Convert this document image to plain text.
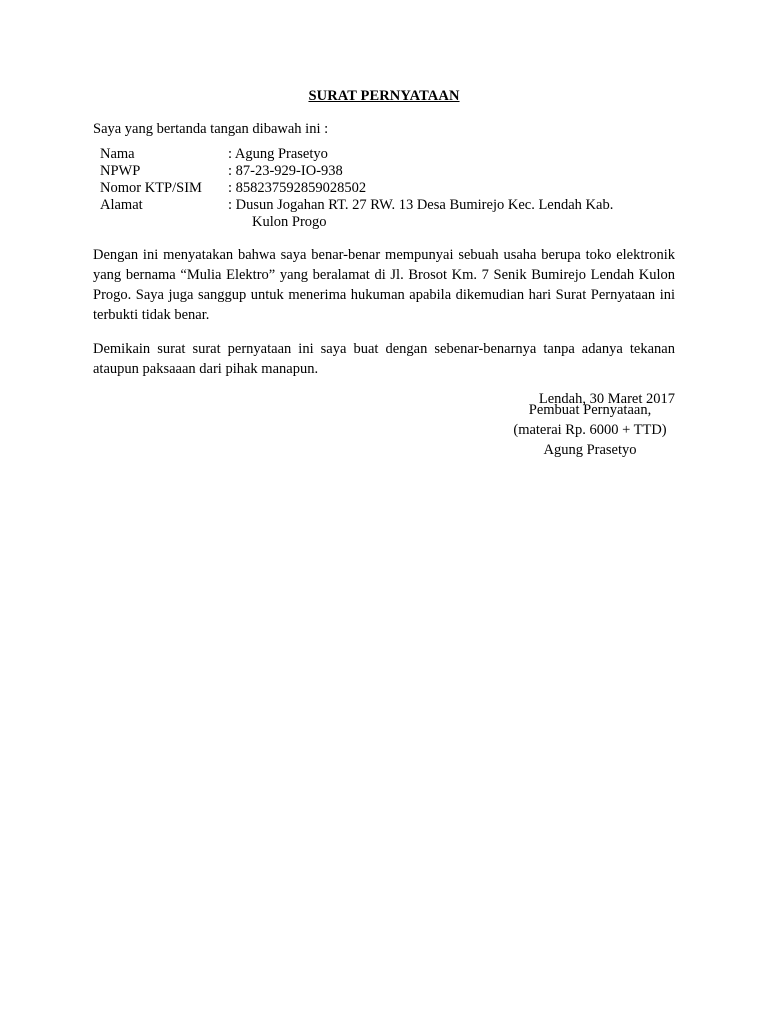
SURAT PERNYATAAN
Saya yang bertanda tangan dibawah ini :
Nama	: Agung Prasetyo
NPWP	: 87-23-929-IO-938
Nomor KTP/SIM	: 858237592859028502
Alamat	: Dusun Jogahan RT. 27 RW. 13 Desa Bumirejo Kec. Lendah Kab.
Kulon Progo
Dengan ini menyatakan bahwa saya benar-benar mempunyai sebuah usaha berupa toko elektronik yang bernama “Mulia Elektro” yang beralamat di Jl. Brosot Km. 7 Senik Bumirejo Lendah Kulon Progo. Saya juga sanggup untuk menerima hukuman apabila dikemudian hari Surat Pernyataan ini terbukti tidak benar.
Demikain surat surat pernyataan ini saya buat dengan sebenar-benarnya tanpa adanya tekanan ataupun paksaaan dari pihak manapun.
Lendah, 30 Maret 2017
Pembuat Pernyataan,
(materai Rp. 6000 + TTD)
Agung Prasetyo
